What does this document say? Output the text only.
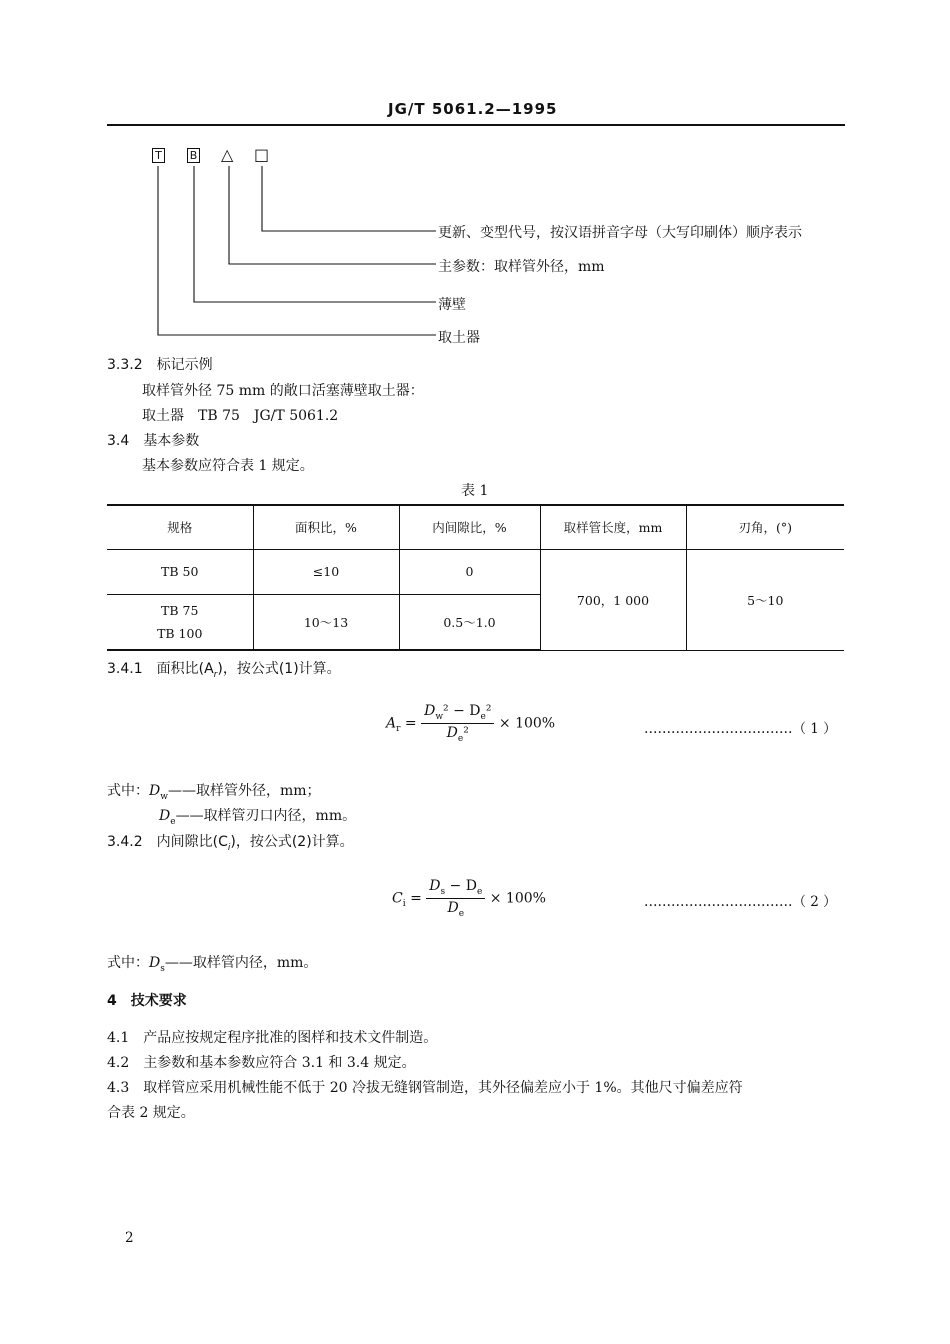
JG/T 5061.2—1995
T	B △ □
更新、变型代号，按汉语拼音字母（大写印刷体）顺序表示
主参数：取样管外径，mm
薄壁
取土器
3.3.2　标记示例
取样管外径 75 mm 的敞口活塞薄壁取土器：
取土器　TB 75　JG/T 5061.2
3.4　基本参数
基本参数应符合表 1 规定。
表 1
规格	面积比，%	内间隙比，%	取样管长度，mm	刃角，(°)
TB 50	≤10	0	700，1 000	5～10
TB 75
TB 100	10～13	0.5～1.0		
3.4.1　面积比$(A_r)$，按公式(1)计算。
$A_r = \frac{D_w^2 - D_e^2}{D_e^2} \times 100\%$	……………………………（ 1 ）
式中：$D_w——$取样管外径，mm；
$D_e——$取样管刃口内径，mm。
3.4.2　内间隙比$(C_i)$，按公式(2)计算。
$C_i = \frac{D_s - D_e}{D_e} \times 100\%$	……………………………（ 2 ）
式中：$D_s——$取样管内径，mm。
4　技术要求
4.1　产品应按规定程序批准的图样和技术文件制造。
4.2　主参数和基本参数应符合 3.1 和 3.4 规定。
4.3　取样管应采用机械性能不低于 20 冷拔无缝钢管制造，其外径偏差应小于 1%。其他尺寸偏差应符
合表 2 规定。
2
